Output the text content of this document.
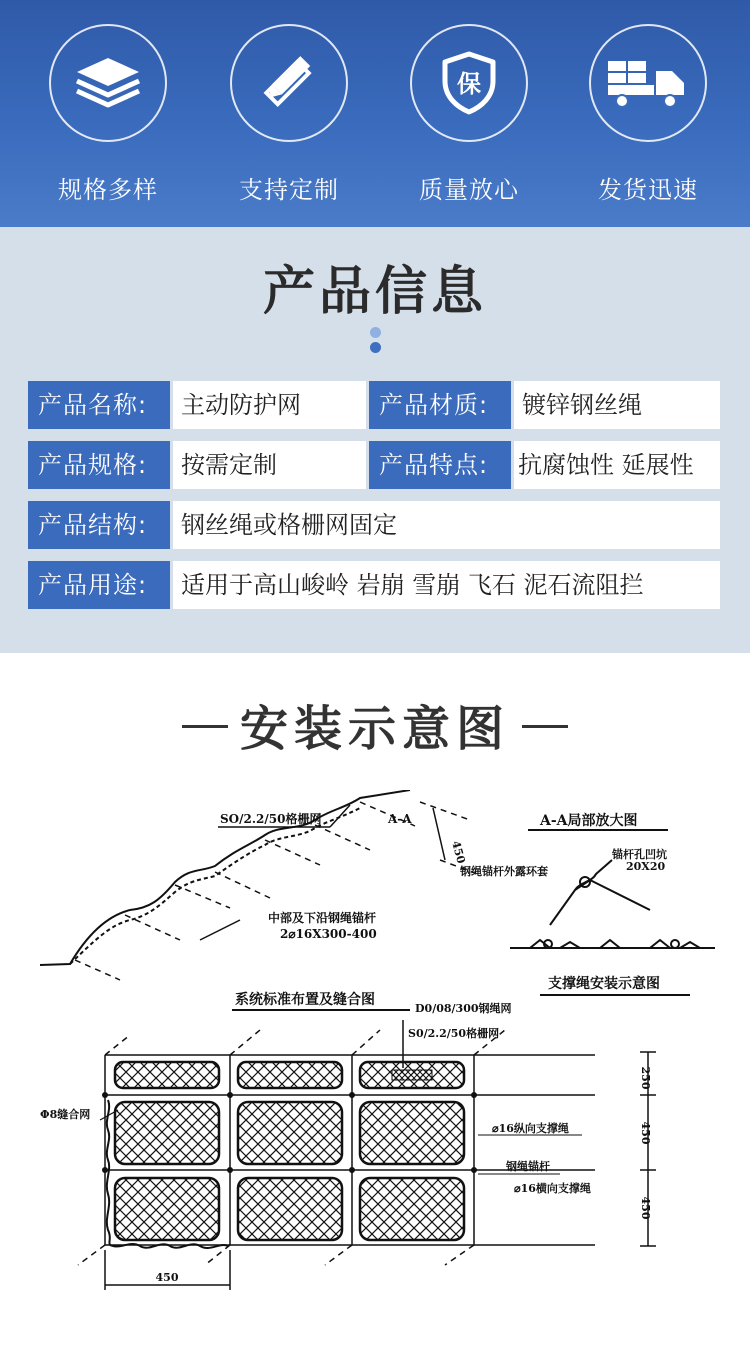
规格多样	支持定制
保
质量放心	发货迅速
产品信息
产品名称:	主动防护网	产品材质:	镀锌钢丝绳
产品规格:	按需定制	产品特点:	抗腐蚀性 延展性
产品结构:	钢丝绳或格栅网固定
产品用途:	适用于高山峻岭 岩崩 雪崩 飞石 泥石流阻拦
安装示意图
SO/2.2/50格栅网	A-A
450
中部及下沿钢绳锚杆
2⌀16X300-400
A-A局部放大图
锚杆孔凹坑
20X20
钢绳锚杆外露环套
支撑绳安装示意图
系统标准布置及缝合图
D0/08/300钢绳网
S0/2.2/50格栅网
Φ8缝合网
⌀16纵向支撑绳
钢绳锚杆
⌀16横向支撑绳
250
450
450
450
